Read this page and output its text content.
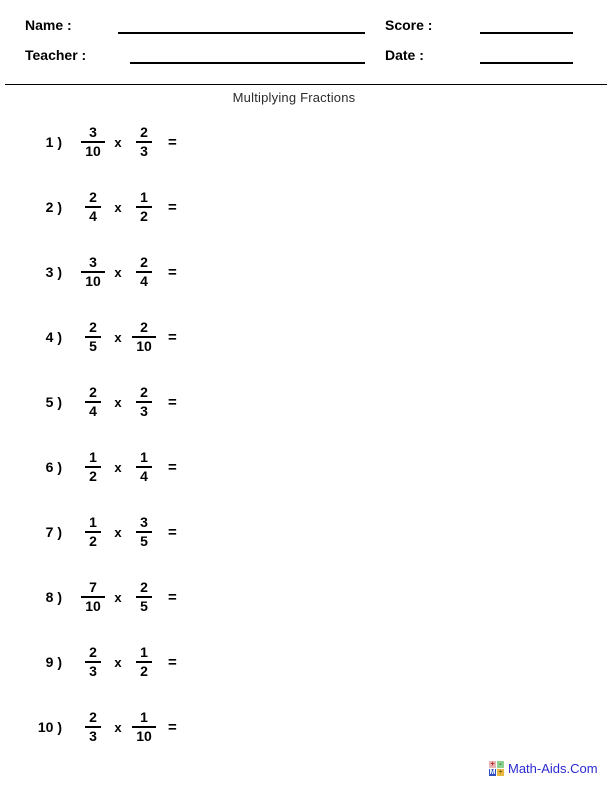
Name :	Score :
Teacher :	Date :
Multiplying Fractions
1 ) $\frac{3}{10}$ x $\frac{2}{3}$ =
2 ) $\frac{2}{4}$ x $\frac{1}{2}$ =
3 ) $\frac{3}{10}$ x $\frac{2}{4}$ =
4 ) $\frac{2}{5}$ x $\frac{2}{10}$ =
5 ) $\frac{2}{4}$ x $\frac{2}{3}$ =
6 ) $\frac{1}{2}$ x $\frac{1}{4}$ =
7 ) $\frac{1}{2}$ x $\frac{3}{5}$ =
8 ) $\frac{7}{10}$ x $\frac{2}{5}$ =
9 ) $\frac{2}{3}$ x $\frac{1}{2}$ =
10 ) $\frac{2}{3}$ x $\frac{1}{10}$ =
+ -
M ÷ Math-Aids.Com
